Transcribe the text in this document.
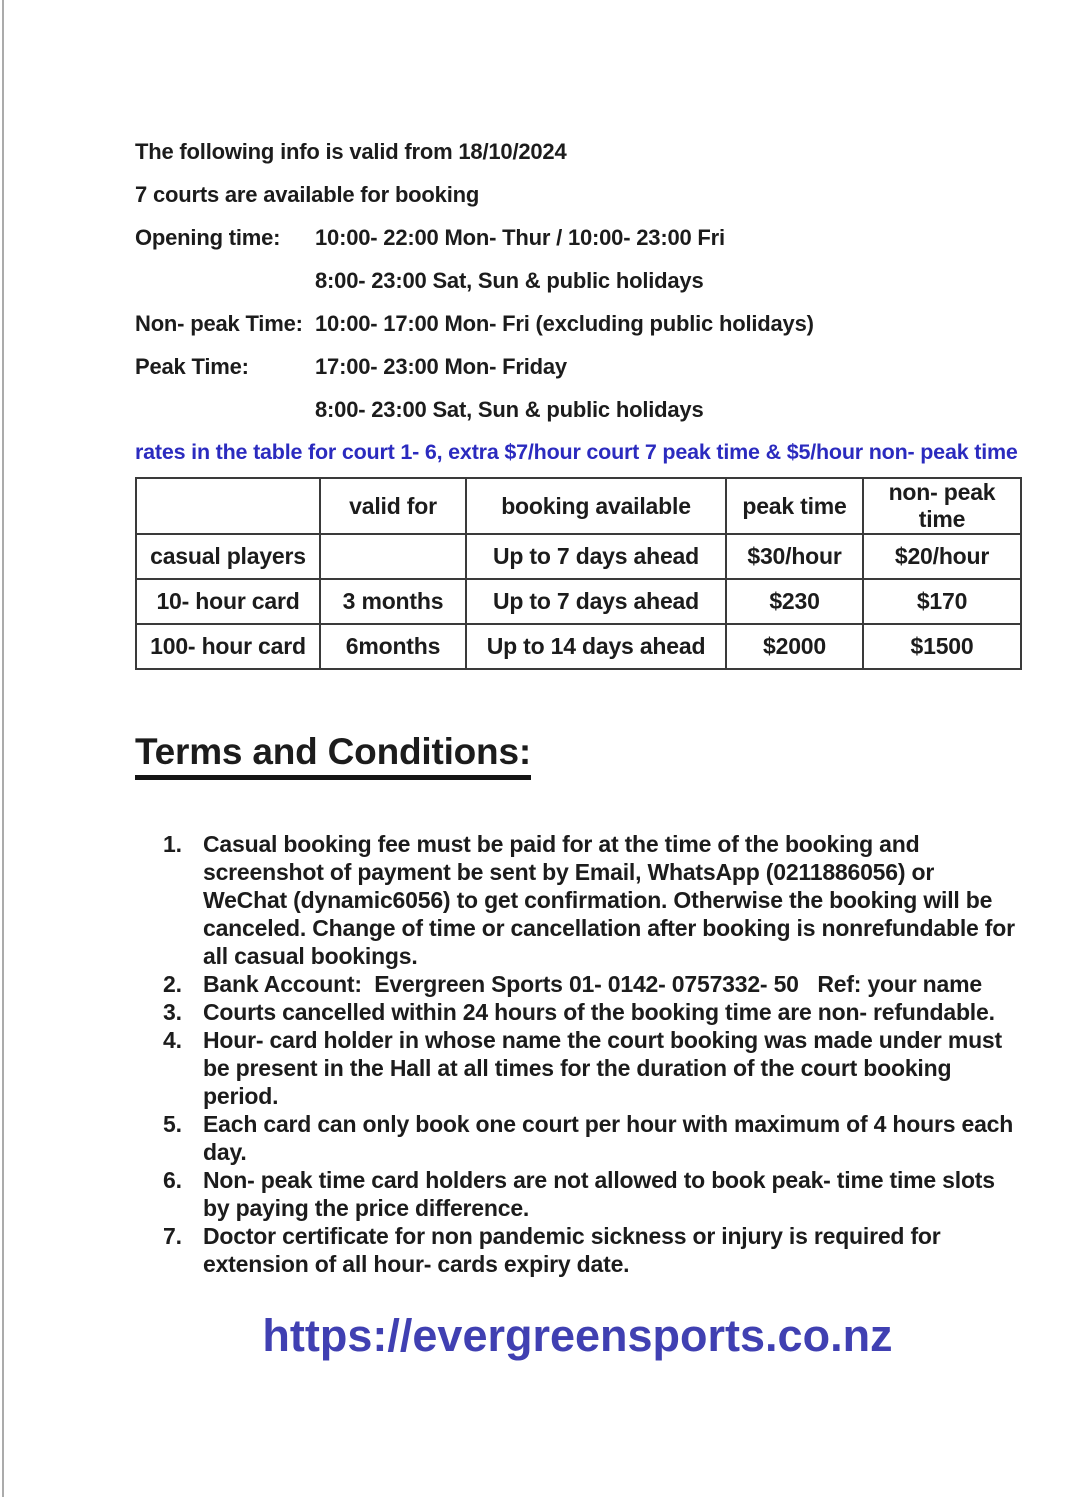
The following info is valid from 18/10/2024

7 courts are available for booking

Opening time: 10:00- 22:00 Mon- Thur / 10:00- 23:00 Fri
8:00- 23:00 Sat, Sun & public holidays
Non- peak Time: 10:00- 17:00 Mon- Fri (excluding public holidays)
Peak Time:	17:00- 23:00 Mon- Friday
8:00- 23:00 Sat, Sun & public holidays

rates in the table for court 1- 6, extra $7/hour court 7 peak time & $5/hour non- peak time

	valid for	booking available	peak time	non- peak time
casual players		Up to 7 days ahead	$30/hour	$20/hour
10- hour card	3 months	Up to 7 days ahead	$230	$170
100- hour card	6months	Up to 14 days ahead	$2000	$1500
Terms and Conditions:
1. Casual booking fee must be paid for at the time of the booking and screenshot of payment be sent by Email, WhatsApp (0211886056) or WeChat (dynamic6056) to get confirmation. Otherwise the booking will be canceled. Change of time or cancellation after booking is nonrefundable for all casual bookings.
2. Bank Account:  Evergreen Sports 01- 0142- 0757332- 50   Ref: your name
3. Courts cancelled within 24 hours of the booking time are non- refundable.
4. Hour- card holder in whose name the court booking was made under must be present in the Hall at all times for the duration of the court booking period.
5. Each card can only book one court per hour with maximum of 4 hours each day.
6. Non- peak time card holders are not allowed to book peak- time time slots by paying the price difference.
7. Doctor certificate for non pandemic sickness or injury is required for extension of all hour- cards expiry date.
https://evergreensports.co.nz
